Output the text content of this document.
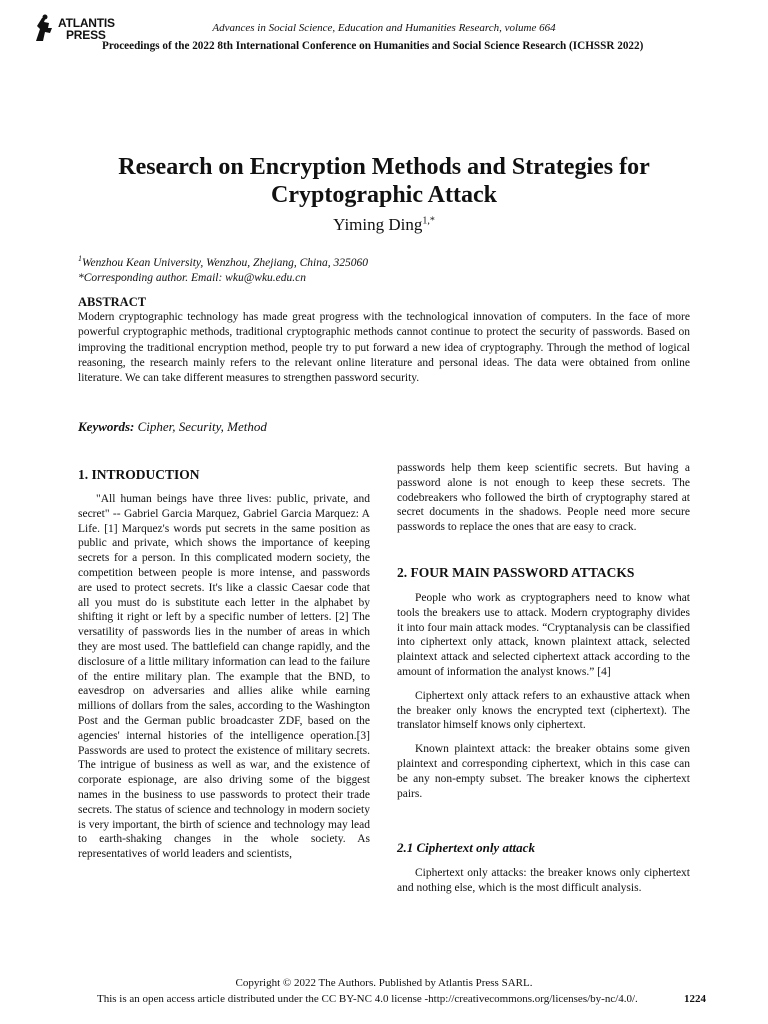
ATLANTIS
PRESS	Advances in Social Science, Education and Humanities Research, volume 664
Proceedings of the 2022 8th International Conference on Humanities and Social Science Research (ICHSSR 2022)
Research on Encryption Methods and Strategies for
Cryptographic Attack
Yiming Ding$^{1,*}$
$^1$Wenzhou Kean University, Wenzhou, Zhejiang, China, 325060
*Corresponding author. Email: wku@wku.edu.cn
ABSTRACT

Modern cryptographic technology has made great progress with the technological innovation of computers. In the face of more powerful cryptographic methods, traditional cryptographic methods cannot continue to protect the security of passwords. Based on improving the traditional encryption method, people try to put forward a new idea of cryptography. Through the method of logical reasoning, the research mainly refers to the relevant online literature and personal ideas. The data were obtained from online literature. We can take different measures to strengthen password security.

Keywords: Cipher, Security, Method
1. INTRODUCTION

"All human beings have three lives: public, private, and secret" -- Gabriel Garcia Marquez, Gabriel Garcia Marquez: A Life. [1] Marquez's words put secrets in the same position as public and private, which shows the importance of keeping secrets for a person. In this complicated modern society, the competition between people is more intense, and passwords are used to protect secrets. It's like a classic Caesar code that all you must do is substitute each letter in the alphabet by shifting it right or left by a specific number of letters. [2] The versatility of passwords lies in the number of areas in which they are most used. The battlefield can change rapidly, and the disclosure of a little military information can lead to the failure of the entire military plan. The example that the BND, to eavesdrop on adversaries and allies alike while earning millions of dollars from the sales, according to the Washington Post and the German public broadcaster ZDF, based on the agencies' internal histories of the intelligence operation.[3] Passwords are used to protect the existence of military secrets. The intrigue of business as well as war, and the existence of corporate espionage, are also driving some of the biggest names in the business to use passwords to protect their trade secrets. The status of science and technology in modern society is very important, the birth of science and technology may lead to earth-shaking changes in the whole society. As representatives of world leaders and scientists,

passwords help them keep scientific secrets. But having a password alone is not enough to keep these secrets. The codebreakers who followed the birth of cryptography stared at secret documents in the shadows. People need more secure passwords to replace the ones that are easy to crack.

2. FOUR MAIN PASSWORD ATTACKS

People who work as cryptographers need to know what tools the breakers use to attack. Modern cryptography divides it into four main attack modes. “Cryptanalysis can be classified into ciphertext only attack, known plaintext attack, selected plaintext attack and selected ciphertext attack according to the amount of information the analyst knows.” [4]

Ciphertext only attack refers to an exhaustive attack when the breaker only knows the encrypted text (ciphertext). The translator himself knows only ciphertext.

Known plaintext attack: the breaker obtains some given plaintext and corresponding ciphertext, which in this case can be any non-empty subset. The breaker knows the ciphertext pairs.

2.1 Ciphertext only attack

Ciphertext only attacks: the breaker knows only ciphertext and nothing else, which is the most difficult analysis.

Copyright © 2022 The Authors. Published by Atlantis Press SARL.
This is an open access article distributed under the CC BY-NC 4.0 license -http://creativecommons.org/licenses/by-nc/4.0/.	1224
